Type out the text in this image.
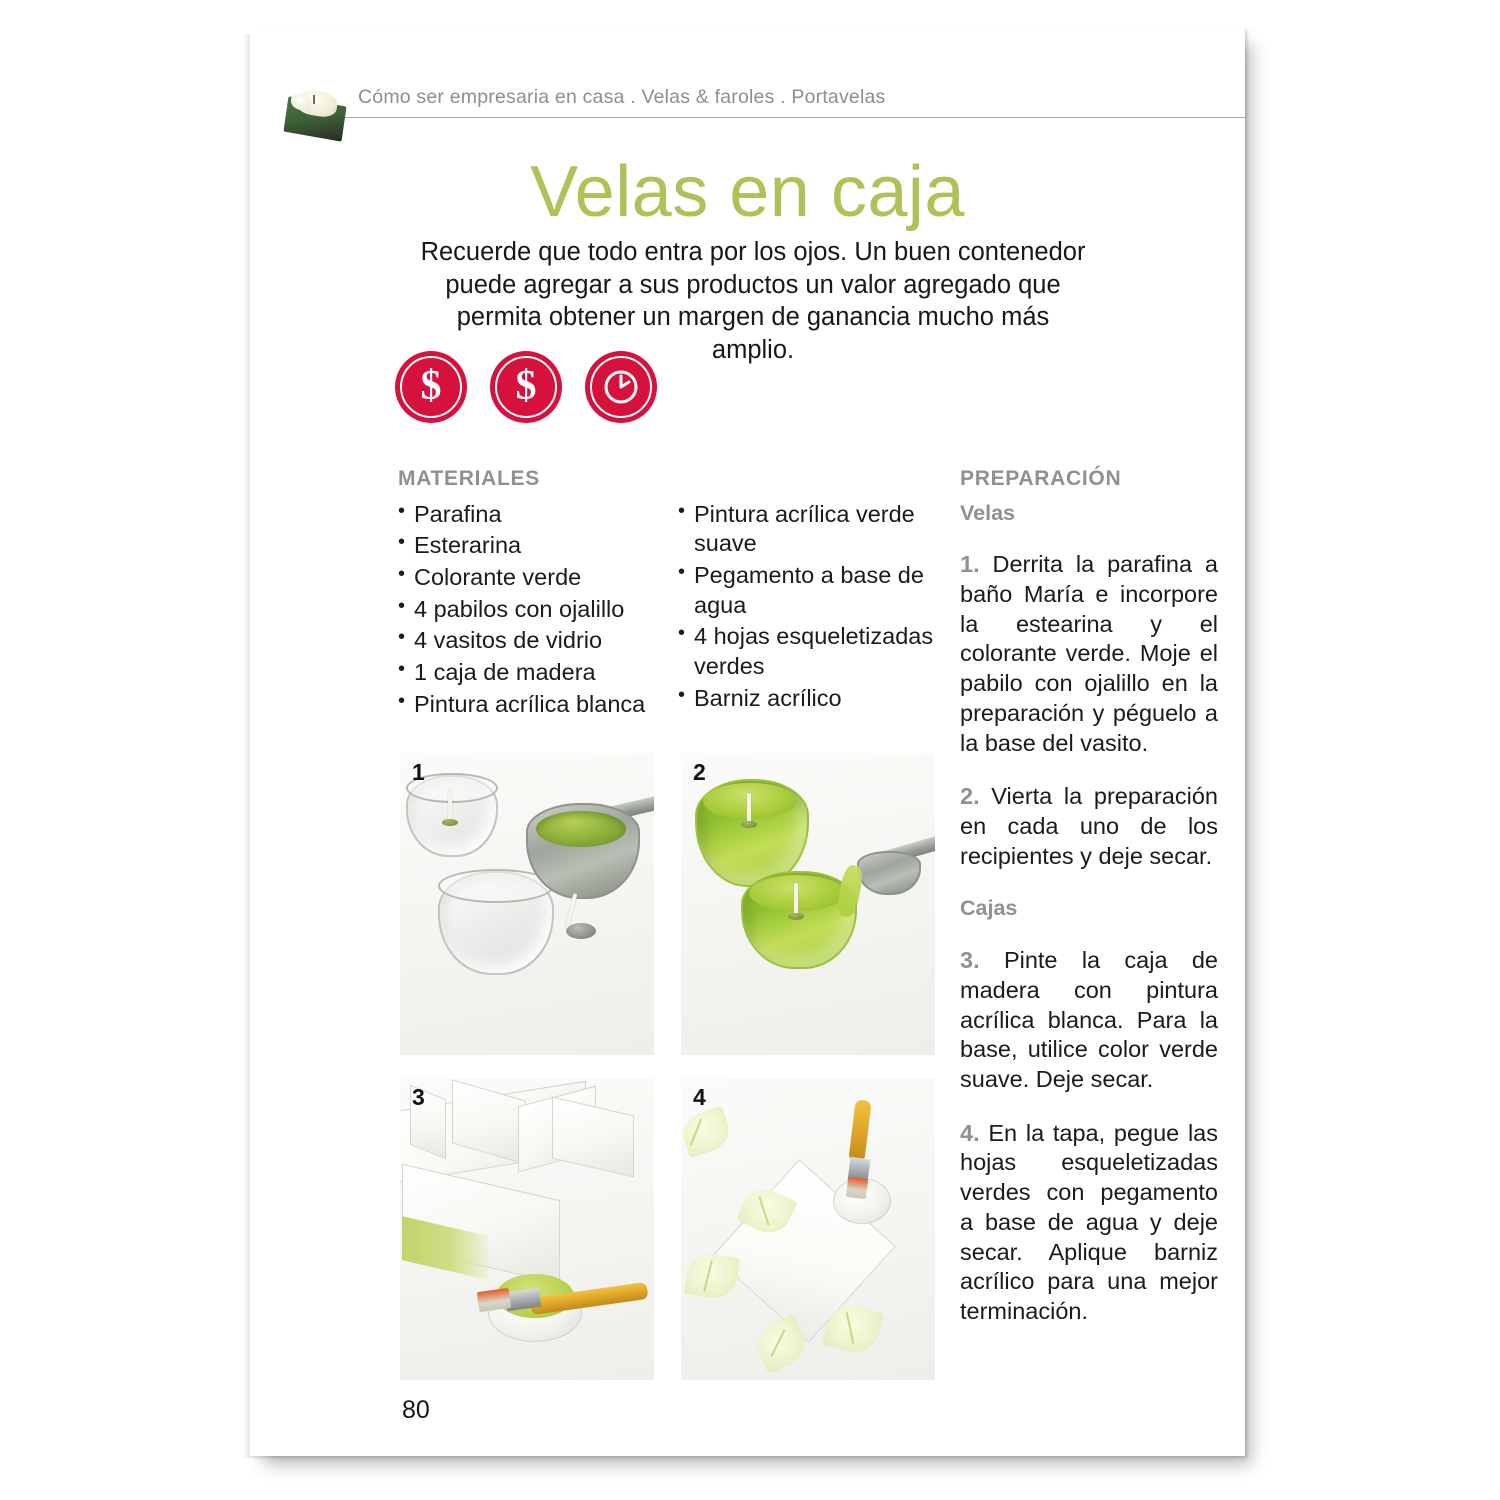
Cómo ser empresaria en casa . Velas & faroles . Portavelas
Velas en caja
Recuerde que todo entra por los ojos. Un buen contenedor puede agregar a sus productos un valor agregado que permita obtener un margen de ganancia mucho más amplio.
$ $
MATERIALES
• Parafina
• Esterarina
• Colorante verde
• 4 pabilos con ojalillo
• 4 vasitos de vidrio
• 1 caja de madera
• Pintura acrílica blanca
• Pintura acrílica verde suave
• Pegamento a base de agua
• 4 hojas esqueletizadas verdes
• Barniz acrílico
PREPARACIÓN
Velas

1. Derrita la parafina a baño María e incorpore la estearina y el colorante verde. Moje el pabilo con ojalillo en la preparación y péguelo a la base del vasito.

2. Vierta la preparación en cada uno de los recipientes y deje secar.

Cajas

3. Pinte la caja de madera con pintura acrílica blanca. Para la base, utilice color verde suave. Deje secar.

4. En la tapa, pegue las hojas esqueletizadas verdes con pegamento a base de agua y deje secar. Aplique barniz acrílico para una mejor terminación.

1	2
3	4
80
